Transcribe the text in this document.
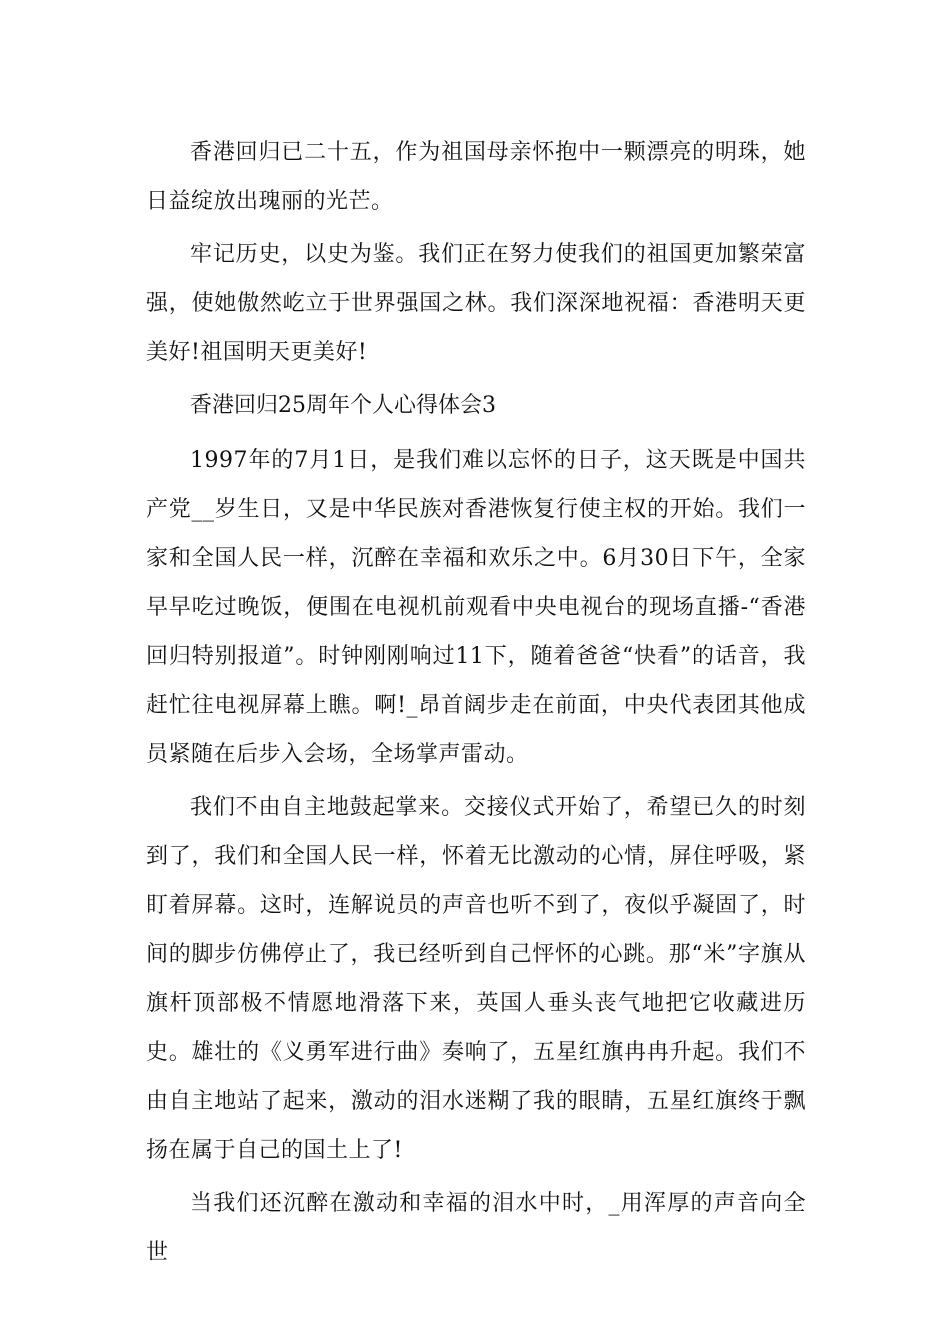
香港回归已二十五，作为祖国母亲怀抱中一颗漂亮的明珠，她日益绽放出瑰丽的光芒。

牢记历史，以史为鉴。我们正在努力使我们的祖国更加繁荣富强，使她傲然屹立于世界强国之林。我们深深地祝福：香港明天更美好!祖国明天更美好!

香港回归25周年个人心得体会3

1997年的7月1日，是我们难以忘怀的日子，这天既是中国共产党__岁生日，又是中华民族对香港恢复行使主权的开始。我们一家和全国人民一样，沉醉在幸福和欢乐之中。6月30日下午，全家早早吃过晚饭，便围在电视机前观看中央电视台的现场直播-“香港回归特别报道”。时钟刚刚响过11下，随着爸爸“快看”的话音，我赶忙往电视屏幕上瞧。啊!_昂首阔步走在前面，中央代表团其他成员紧随在后步入会场，全场掌声雷动。

我们不由自主地鼓起掌来。交接仪式开始了，希望已久的时刻到了，我们和全国人民一样，怀着无比激动的心情，屏住呼吸，紧盯着屏幕。这时，连解说员的声音也听不到了，夜似乎凝固了，时间的脚步仿佛停止了，我已经听到自己怦怀的心跳。那“米”字旗从旗杆顶部极不情愿地滑落下来，英国人垂头丧气地把它收藏进历史。雄壮的《义勇军进行曲》奏响了，五星红旗冉冉升起。我们不由自主地站了起来，激动的泪水迷糊了我的眼睛，五星红旗终于飘扬在属于自己的国土上了!

当我们还沉醉在激动和幸福的泪水中时，_用浑厚的声音向全世
